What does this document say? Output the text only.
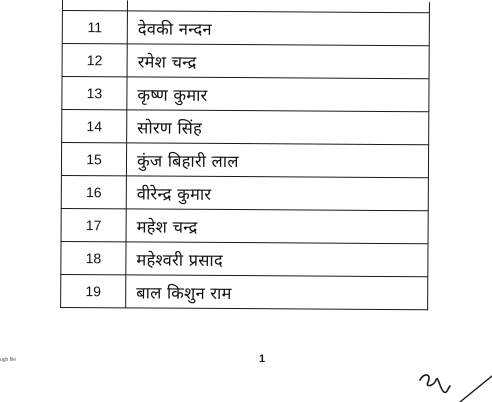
11	देवकी नन्दन
12	रमेश चन्द्र
13	कृष्ण कुमार
14	सोरण सिंह
15	कुंज बिहारी लाल
16	वीरेन्द्र कुमार
17	महेश चन्द्र
18	महेश्वरी प्रसाद
19	बाल किशुन राम
ugh file	1
